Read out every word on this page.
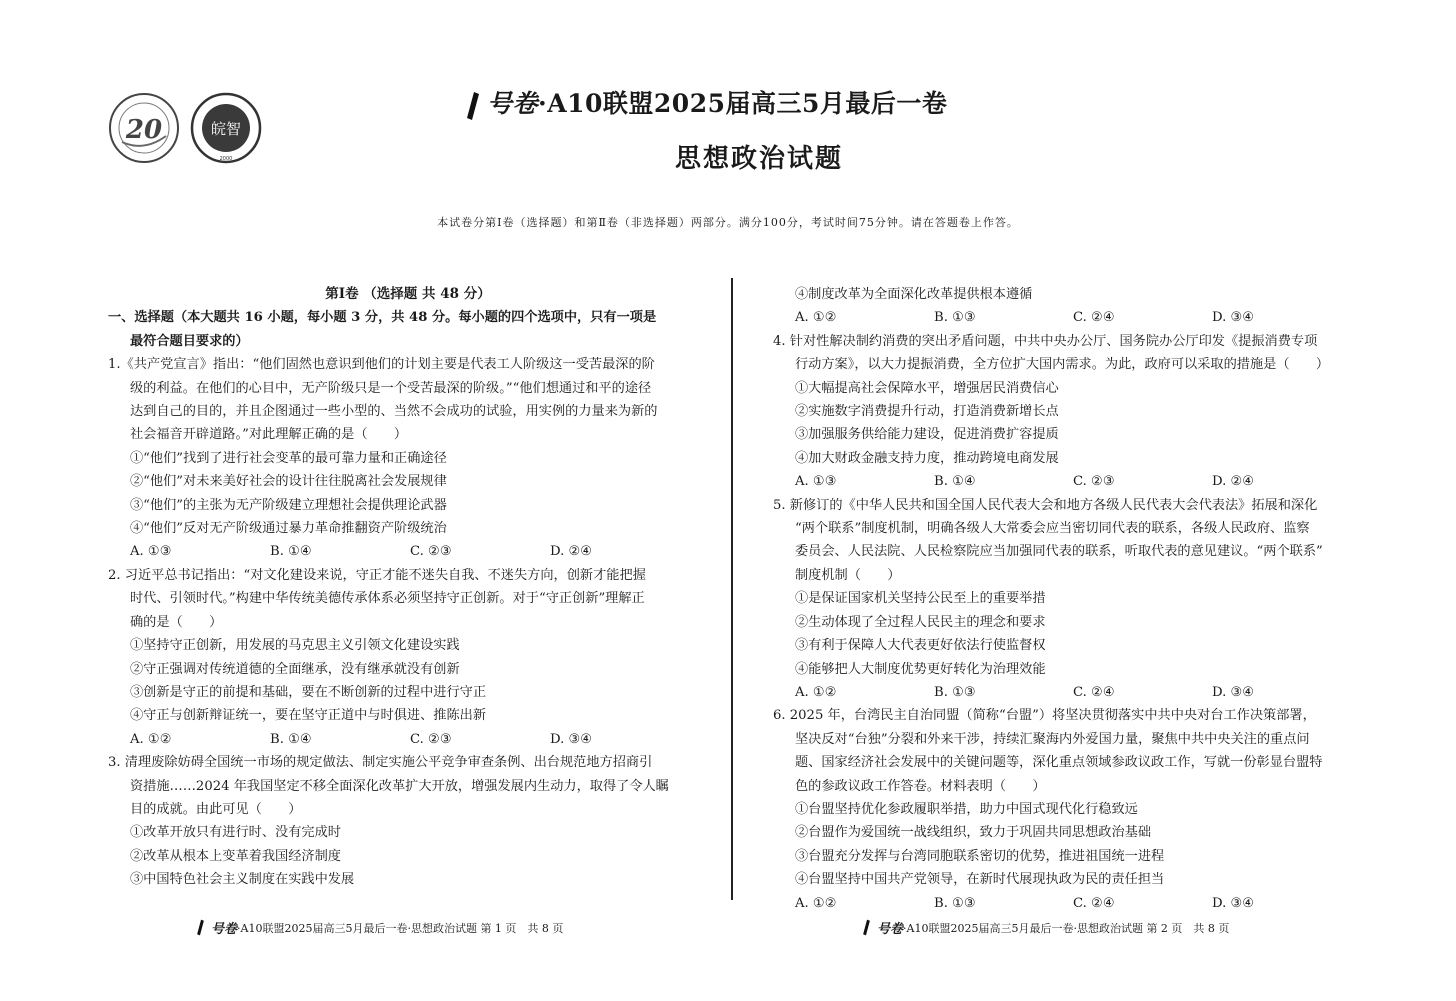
20	皖智
2000
号卷·A10联盟2025届高三5月最后一卷
思想政治试题
本试卷分第Ⅰ卷（选择题）和第Ⅱ卷（非选择题）两部分。满分100分，考试时间75分钟。请在答题卷上作答。

第Ⅰ卷 （选择题 共 48 分）

一、选择题（本大题共 16 小题，每小题 3 分，共 48 分。每小题的四个选项中，只有一项是

最符合题目要求的）

1.《共产党宣言》指出：“他们固然也意识到他们的计划主要是代表工人阶级这一受苦最深的阶

级的利益。在他们的心目中，无产阶级只是一个受苦最深的阶级。”“他们想通过和平的途径

达到自己的目的，并且企图通过一些小型的、当然不会成功的试验，用实例的力量来为新的

社会福音开辟道路。”对此理解正确的是（　　）

①“他们”找到了进行社会变革的最可靠力量和正确途径

②“他们”对未来美好社会的设计往往脱离社会发展规律

③“他们”的主张为无产阶级建立理想社会提供理论武器

④“他们”反对无产阶级通过暴力革命推翻资产阶级统治

A. ①③	B. ①④	C. ②③	D. ②④

2. 习近平总书记指出：“对文化建设来说，守正才能不迷失自我、不迷失方向，创新才能把握

时代、引领时代。”构建中华传统美德传承体系必须坚持守正创新。对于“守正创新”理解正

确的是（　　）

①坚持守正创新，用发展的马克思主义引领文化建设实践

②守正强调对传统道德的全面继承，没有继承就没有创新

③创新是守正的前提和基础，要在不断创新的过程中进行守正

④守正与创新辩证统一，要在坚守正道中与时俱进、推陈出新

A. ①②	B. ①④	C. ②③	D. ③④

3. 清理废除妨碍全国统一市场的规定做法、制定实施公平竞争审查条例、出台规范地方招商引

资措施……2024 年我国坚定不移全面深化改革扩大开放，增强发展内生动力，取得了令人瞩

目的成就。由此可见（　　）

①改革开放只有进行时、没有完成时

②改革从根本上变革着我国经济制度

③中国特色社会主义制度在实践中发展

④制度改革为全面深化改革提供根本遵循

A. ①②	B. ①③	C. ②④	D. ③④

4. 针对性解决制约消费的突出矛盾问题，中共中央办公厅、国务院办公厅印发《提振消费专项

行动方案》，以大力提振消费，全方位扩大国内需求。为此，政府可以采取的措施是（　　）

①大幅提高社会保障水平，增强居民消费信心

②实施数字消费提升行动，打造消费新增长点

③加强服务供给能力建设，促进消费扩容提质

④加大财政金融支持力度，推动跨境电商发展

A. ①③	B. ①④	C. ②③	D. ②④

5. 新修订的《中华人民共和国全国人民代表大会和地方各级人民代表大会代表法》拓展和深化

“两个联系”制度机制，明确各级人大常委会应当密切同代表的联系，各级人民政府、监察

委员会、人民法院、人民检察院应当加强同代表的联系，听取代表的意见建议。“两个联系”

制度机制（　　）

①是保证国家机关坚持公民至上的重要举措

②生动体现了全过程人民民主的理念和要求

③有利于保障人大代表更好依法行使监督权

④能够把人大制度优势更好转化为治理效能

A. ①②	B. ①③	C. ②④	D. ③④

6. 2025 年，台湾民主自治同盟（简称“台盟”）将坚决贯彻落实中共中央对台工作决策部署，

坚决反对“台独”分裂和外来干涉，持续汇聚海内外爱国力量，聚焦中共中央关注的重点问

题、国家经济社会发展中的关键问题等，深化重点领域参政议政工作，写就一份彰显台盟特

色的参政议政工作答卷。材料表明（　　）

①台盟坚持优化参政履职举措，助力中国式现代化行稳致远

②台盟作为爱国统一战线组织，致力于巩固共同思想政治基础

③台盟充分发挥与台湾同胞联系密切的优势，推进祖国统一进程

④台盟坚持中国共产党领导，在新时代展现执政为民的责任担当

A. ①②	B. ①③	C. ②④	D. ③④

号卷 ·A10联盟2025届高三5月最后一卷·思想政治试题 第 1 页　共 8 页	号卷 ·A10联盟2025届高三5月最后一卷·思想政治试题 第 2 页　共 8 页
